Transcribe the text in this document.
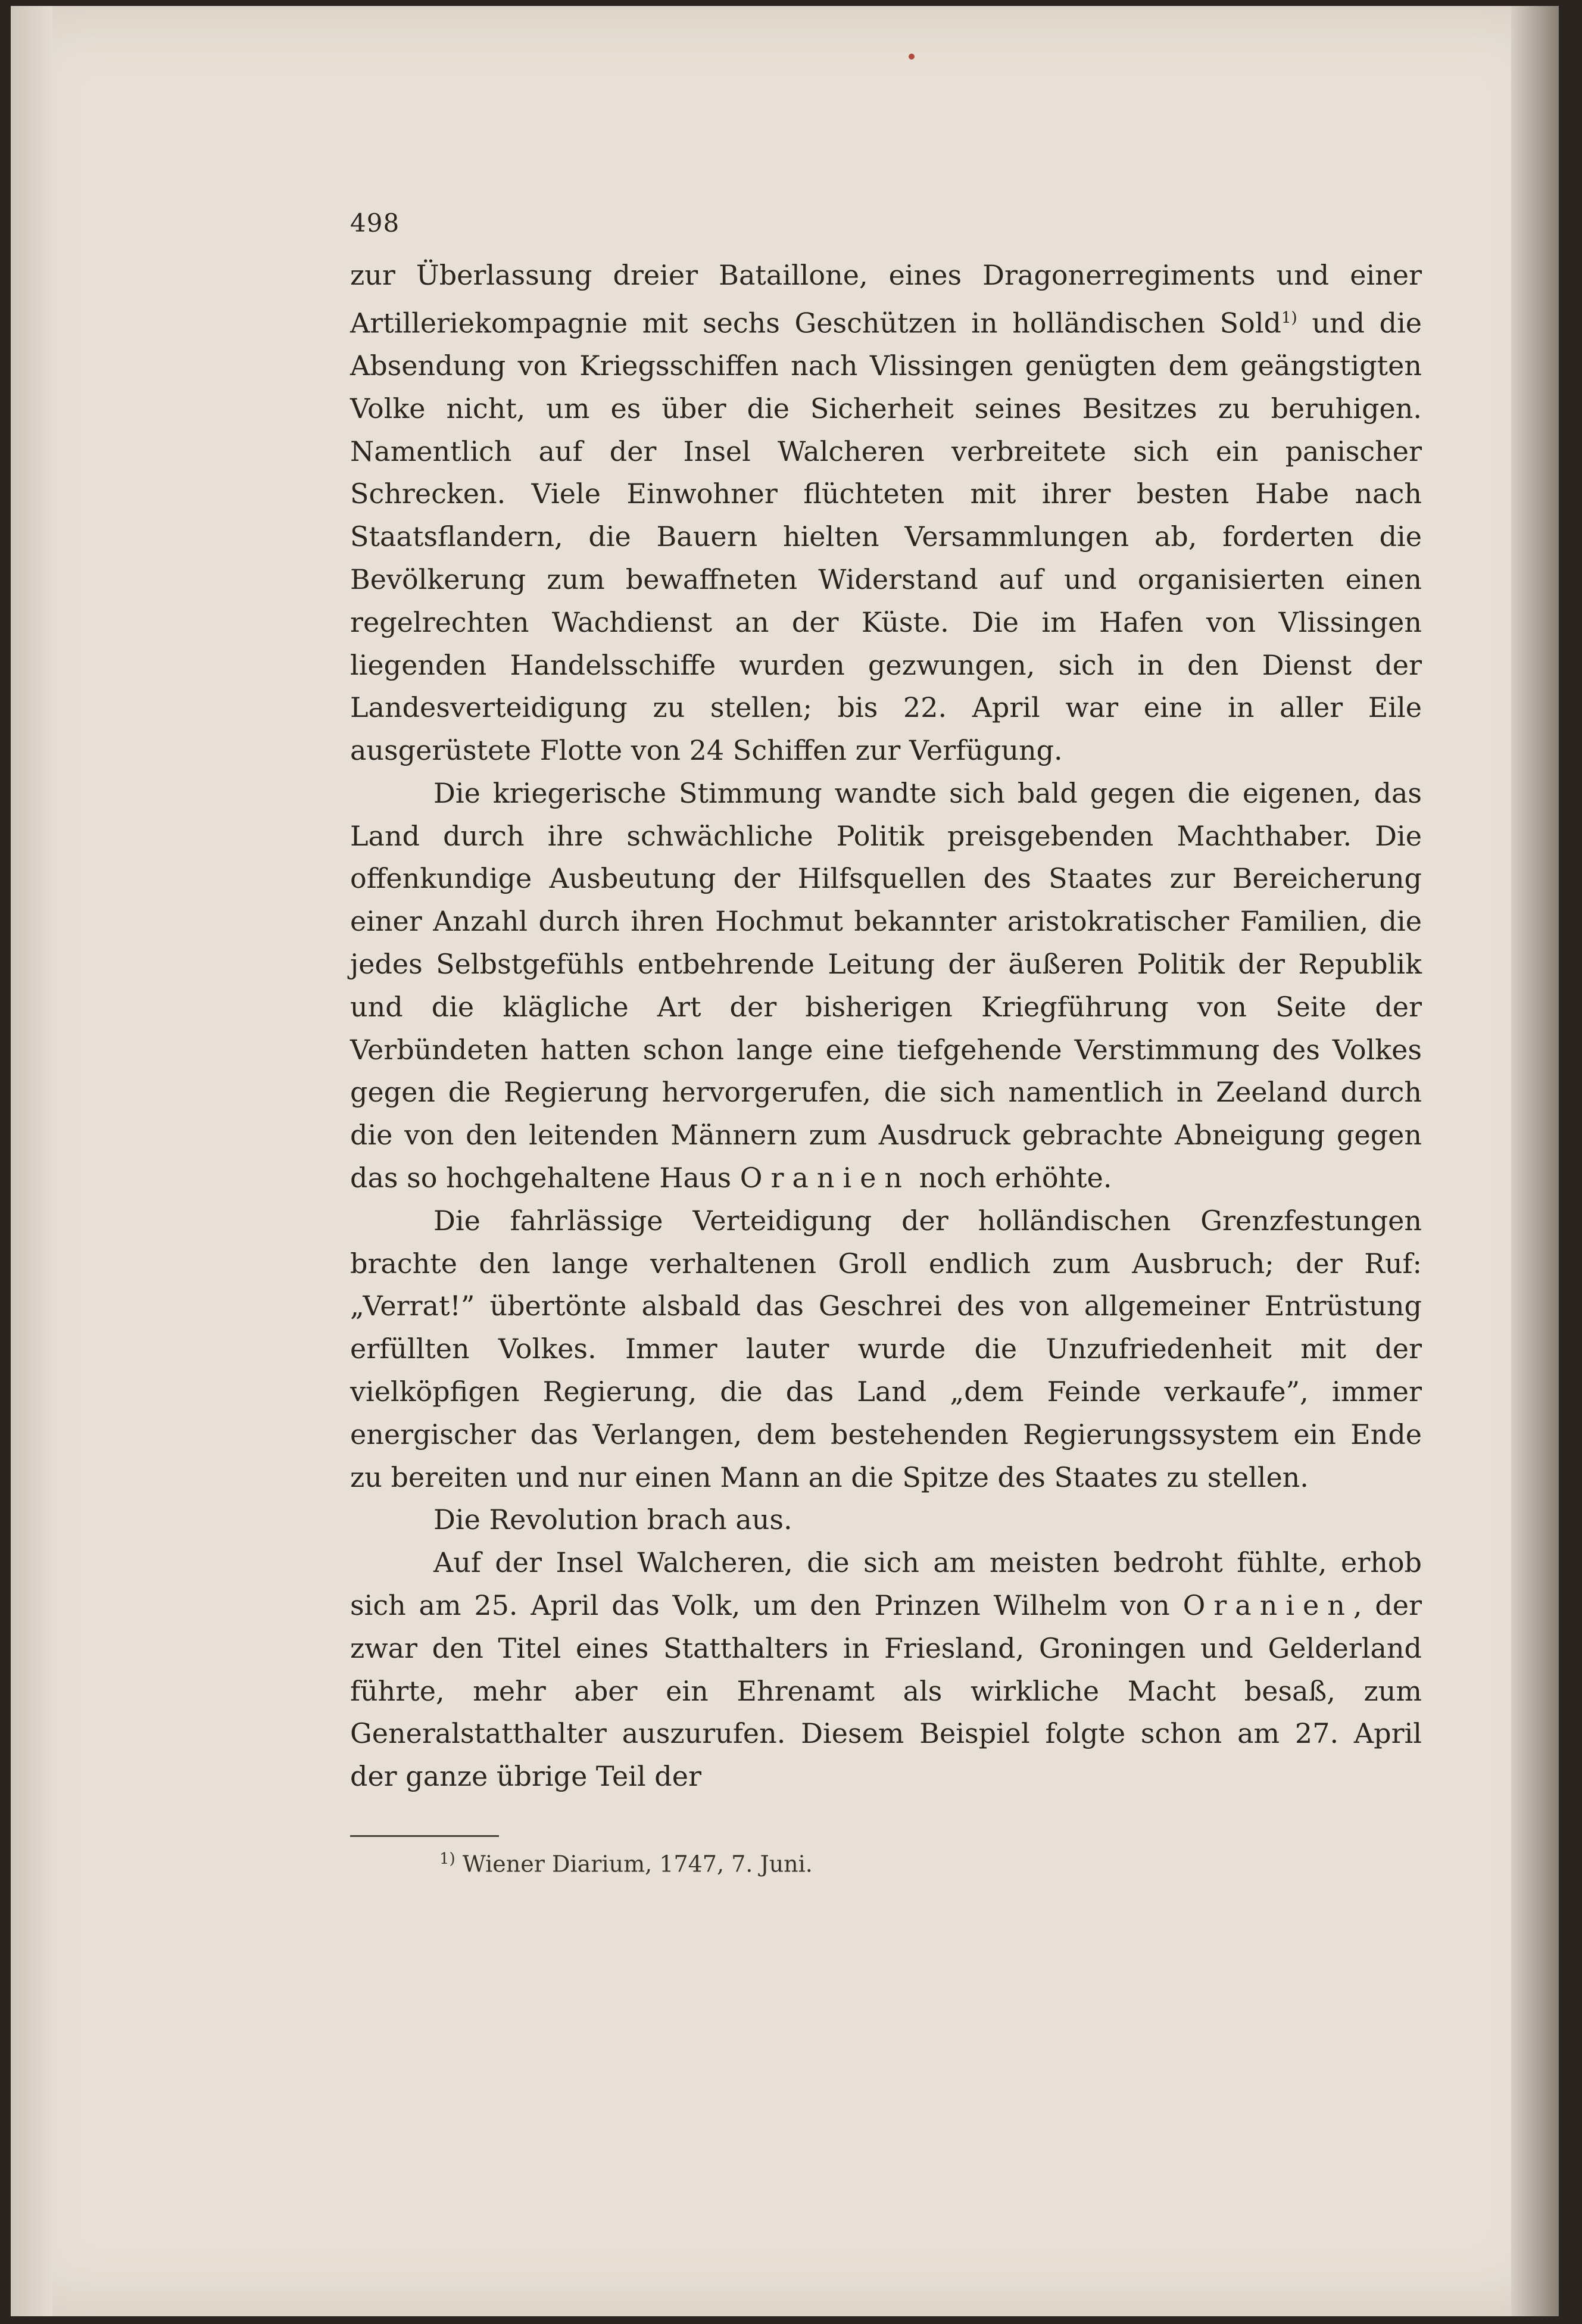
498

zur Überlassung dreier Bataillone, eines Dragonerregiments und einer Artilleriekompagnie mit sechs Geschützen in holländischen Sold$^{1)}$ und die Absendung von Kriegsschiffen nach Vlissingen genügten dem geängstigten Volke nicht, um es über die Sicherheit seines Besitzes zu beruhigen. Namentlich auf der Insel Walcheren verbreitete sich ein panischer Schrecken. Viele Einwohner flüchteten mit ihrer besten Habe nach Staatsflandern, die Bauern hielten Versammlungen ab, forderten die Bevölkerung zum bewaffneten Widerstand auf und organisierten einen regelrechten Wachdienst an der Küste. Die im Hafen von Vlissingen liegenden Handelsschiffe wurden gezwungen, sich in den Dienst der Landesverteidigung zu stellen; bis 22. April war eine in aller Eile ausgerüstete Flotte von 24 Schiffen zur Verfügung.

Die kriegerische Stimmung wandte sich bald gegen die eigenen, das Land durch ihre schwächliche Politik preisgebenden Machthaber. Die offenkundige Ausbeutung der Hilfsquellen des Staates zur Bereicherung einer Anzahl durch ihren Hochmut bekannter aristokratischer Familien, die jedes Selbstgefühls entbehrende Leitung der äußeren Politik der Republik und die klägliche Art der bisherigen Kriegführung von Seite der Verbündeten hatten schon lange eine tiefgehende Verstimmung des Volkes gegen die Regierung hervorgerufen, die sich namentlich in Zeeland durch die von den leitenden Männern zum Ausdruck gebrachte Abneigung gegen das so hochgehaltene Haus Oranien noch erhöhte.

Die fahrlässige Verteidigung der holländischen Grenzfestungen brachte den lange verhaltenen Groll endlich zum Ausbruch; der Ruf: „Verrat!” übertönte alsbald das Geschrei des von allgemeiner Entrüstung erfüllten Volkes. Immer lauter wurde die Unzufriedenheit mit der vielköpfigen Regierung, die das Land „dem Feinde verkaufe”, immer energischer das Verlangen, dem bestehenden Regierungssystem ein Ende zu bereiten und nur einen Mann an die Spitze des Staates zu stellen.

Die Revolution brach aus.

Auf der Insel Walcheren, die sich am meisten bedroht fühlte, erhob sich am 25. April das Volk, um den Prinzen Wilhelm von Oranien, der zwar den Titel eines Statthalters in Friesland, Groningen und Gelderland führte, mehr aber ein Ehrenamt als wirkliche Macht besaß, zum Generalstatthalter auszurufen. Diesem Beispiel folgte schon am 27. April der ganze übrige Teil der

$^{1)}$ Wiener Diarium, 1747, 7. Juni.
